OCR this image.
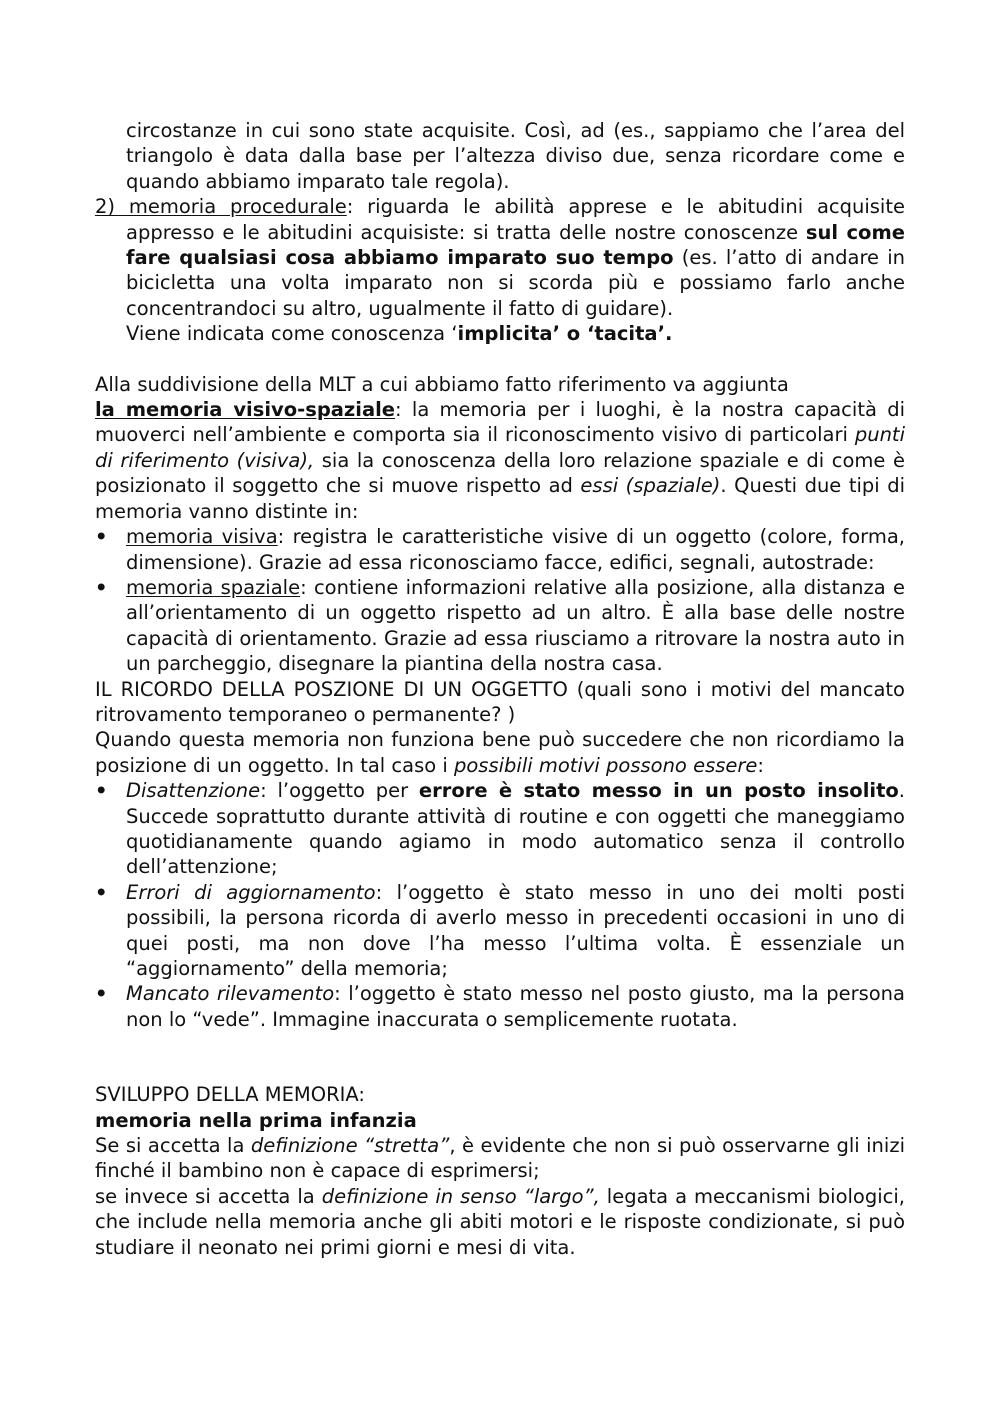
circostanze in cui sono state acquisite. Così, ad (es., sappiamo che l’area del triangolo è data dalla base per l’altezza diviso due, senza ricordare come e quando abbiamo imparato tale regola).

2) memoria procedurale: riguarda le abilità apprese e le abitudini acquisite appresso e le abitudini acquisiste: si tratta delle nostre conoscenze sul come fare qualsiasi cosa abbiamo imparato suo tempo (es. l’atto di andare in bicicletta una volta imparato non si scorda più e possiamo farlo anche concentrandoci su altro, ugualmente il fatto di guidare).

Viene indicata come conoscenza ‘implicita’ o ‘tacita’.

Alla suddivisione della MLT a cui abbiamo fatto riferimento va aggiunta

la memoria visivo-spaziale: la memoria per i luoghi, è la nostra capacità di muoverci nell’ambiente e comporta sia il riconoscimento visivo di particolari punti di riferimento (visiva), sia la conoscenza della loro relazione spaziale e di come è posizionato il soggetto che si muove rispetto ad essi (spaziale). Questi due tipi di memoria vanno distinte in:

• memoria visiva: registra le caratteristiche visive di un oggetto (colore, forma, dimensione). Grazie ad essa riconosciamo facce, edifici, segnali, autostrade:
• memoria spaziale: contiene informazioni relative alla posizione, alla distanza e all’orientamento di un oggetto rispetto ad un altro. È alla base delle nostre capacità di orientamento. Grazie ad essa riusciamo a ritrovare la nostra auto in un parcheggio, disegnare la piantina della nostra casa.

IL RICORDO DELLA POSZIONE DI UN OGGETTO (quali sono i motivi del mancato ritrovamento temporaneo o permanente? )

Quando questa memoria non funziona bene può succedere che non ricordiamo la posizione di un oggetto. In tal caso i possibili motivi possono essere:

• Disattenzione: l’oggetto per errore è stato messo in un posto insolito. Succede soprattutto durante attività di routine e con oggetti che maneggiamo quotidianamente quando agiamo in modo automatico senza il controllo dell’attenzione;
• Errori di aggiornamento: l’oggetto è stato messo in uno dei molti posti possibili, la persona ricorda di averlo messo in precedenti occasioni in uno di quei posti, ma non dove l’ha messo l’ultima volta. È essenziale un “aggiornamento” della memoria;
• Mancato rilevamento: l’oggetto è stato messo nel posto giusto, ma la persona non lo “vede”. Immagine inaccurata o semplicemente ruotata.

SVILUPPO DELLA MEMORIA:

memoria nella prima infanzia

Se si accetta la definizione “stretta”, è evidente che non si può osservarne gli inizi finché il bambino non è capace di esprimersi;

se invece si accetta la definizione in senso “largo”, legata a meccanismi biologici, che include nella memoria anche gli abiti motori e le risposte condizionate, si può studiare il neonato nei primi giorni e mesi di vita.
